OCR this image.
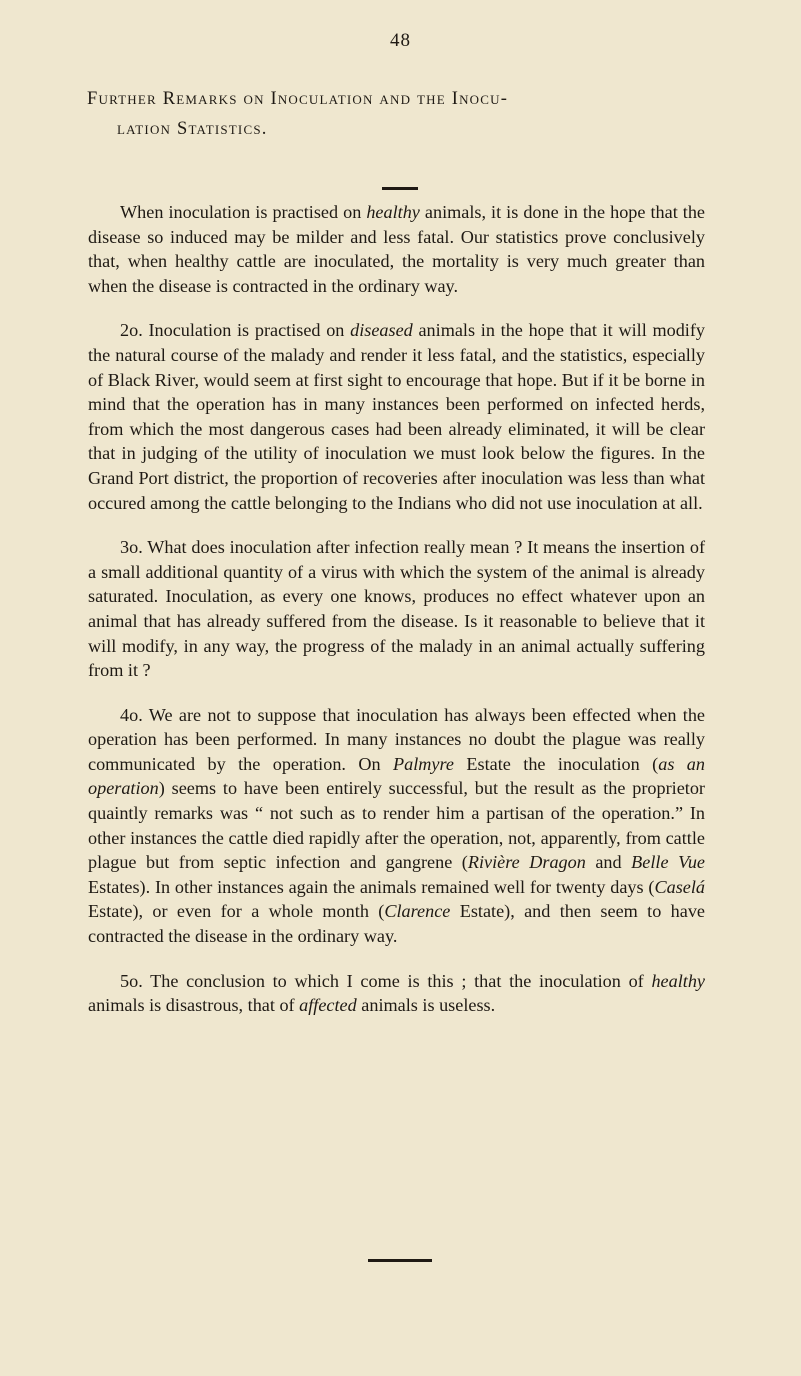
48
Further Remarks on Inoculation and the Inocu-
lation Statistics.

When inoculation is practised on healthy animals, it is done in the hope that the disease so induced may be milder and less fatal. Our statistics prove conclusively that, when healthy cattle are inoculated, the mortality is very much greater than when the disease is contracted in the ordinary way.

2o. Inoculation is practised on diseased animals in the hope that it will modify the natural course of the malady and render it less fatal, and the statistics, especially of Black River, would seem at first sight to encourage that hope. But if it be borne in mind that the operation has in many instances been performed on infected herds, from which the most dangerous cases had been already eliminated, it will be clear that in judging of the utility of inoculation we must look below the figures. In the Grand Port district, the proportion of recoveries after inoculation was less than what occured among the cattle belonging to the Indians who did not use inoculation at all.

3o. What does inoculation after infection really mean ? It means the insertion of a small additional quantity of a virus with which the system of the animal is already saturated. Inoculation, as every one knows, produces no effect whatever upon an animal that has already suffered from the disease. Is it reasonable to believe that it will modify, in any way, the progress of the malady in an animal actually suffering from it ?

4o. We are not to suppose that inoculation has always been effected when the operation has been performed. In many instances no doubt the plague was really communicated by the operation. On Palmyre Estate the inoculation (as an operation) seems to have been entirely successful, but the result as the proprietor quaintly remarks was “ not such as to render him a partisan of the operation.” In other instances the cattle died rapidly after the operation, not, apparently, from cattle plague but from septic infection and gangrene (Rivière Dragon and Belle Vue Estates). In other instances again the animals remained well for twenty days (Caselá Estate), or even for a whole month (Clarence Estate), and then seem to have contracted the disease in the ordinary way.

5o. The conclusion to which I come is this ; that the inoculation of healthy animals is disastrous, that of affected animals is useless.
